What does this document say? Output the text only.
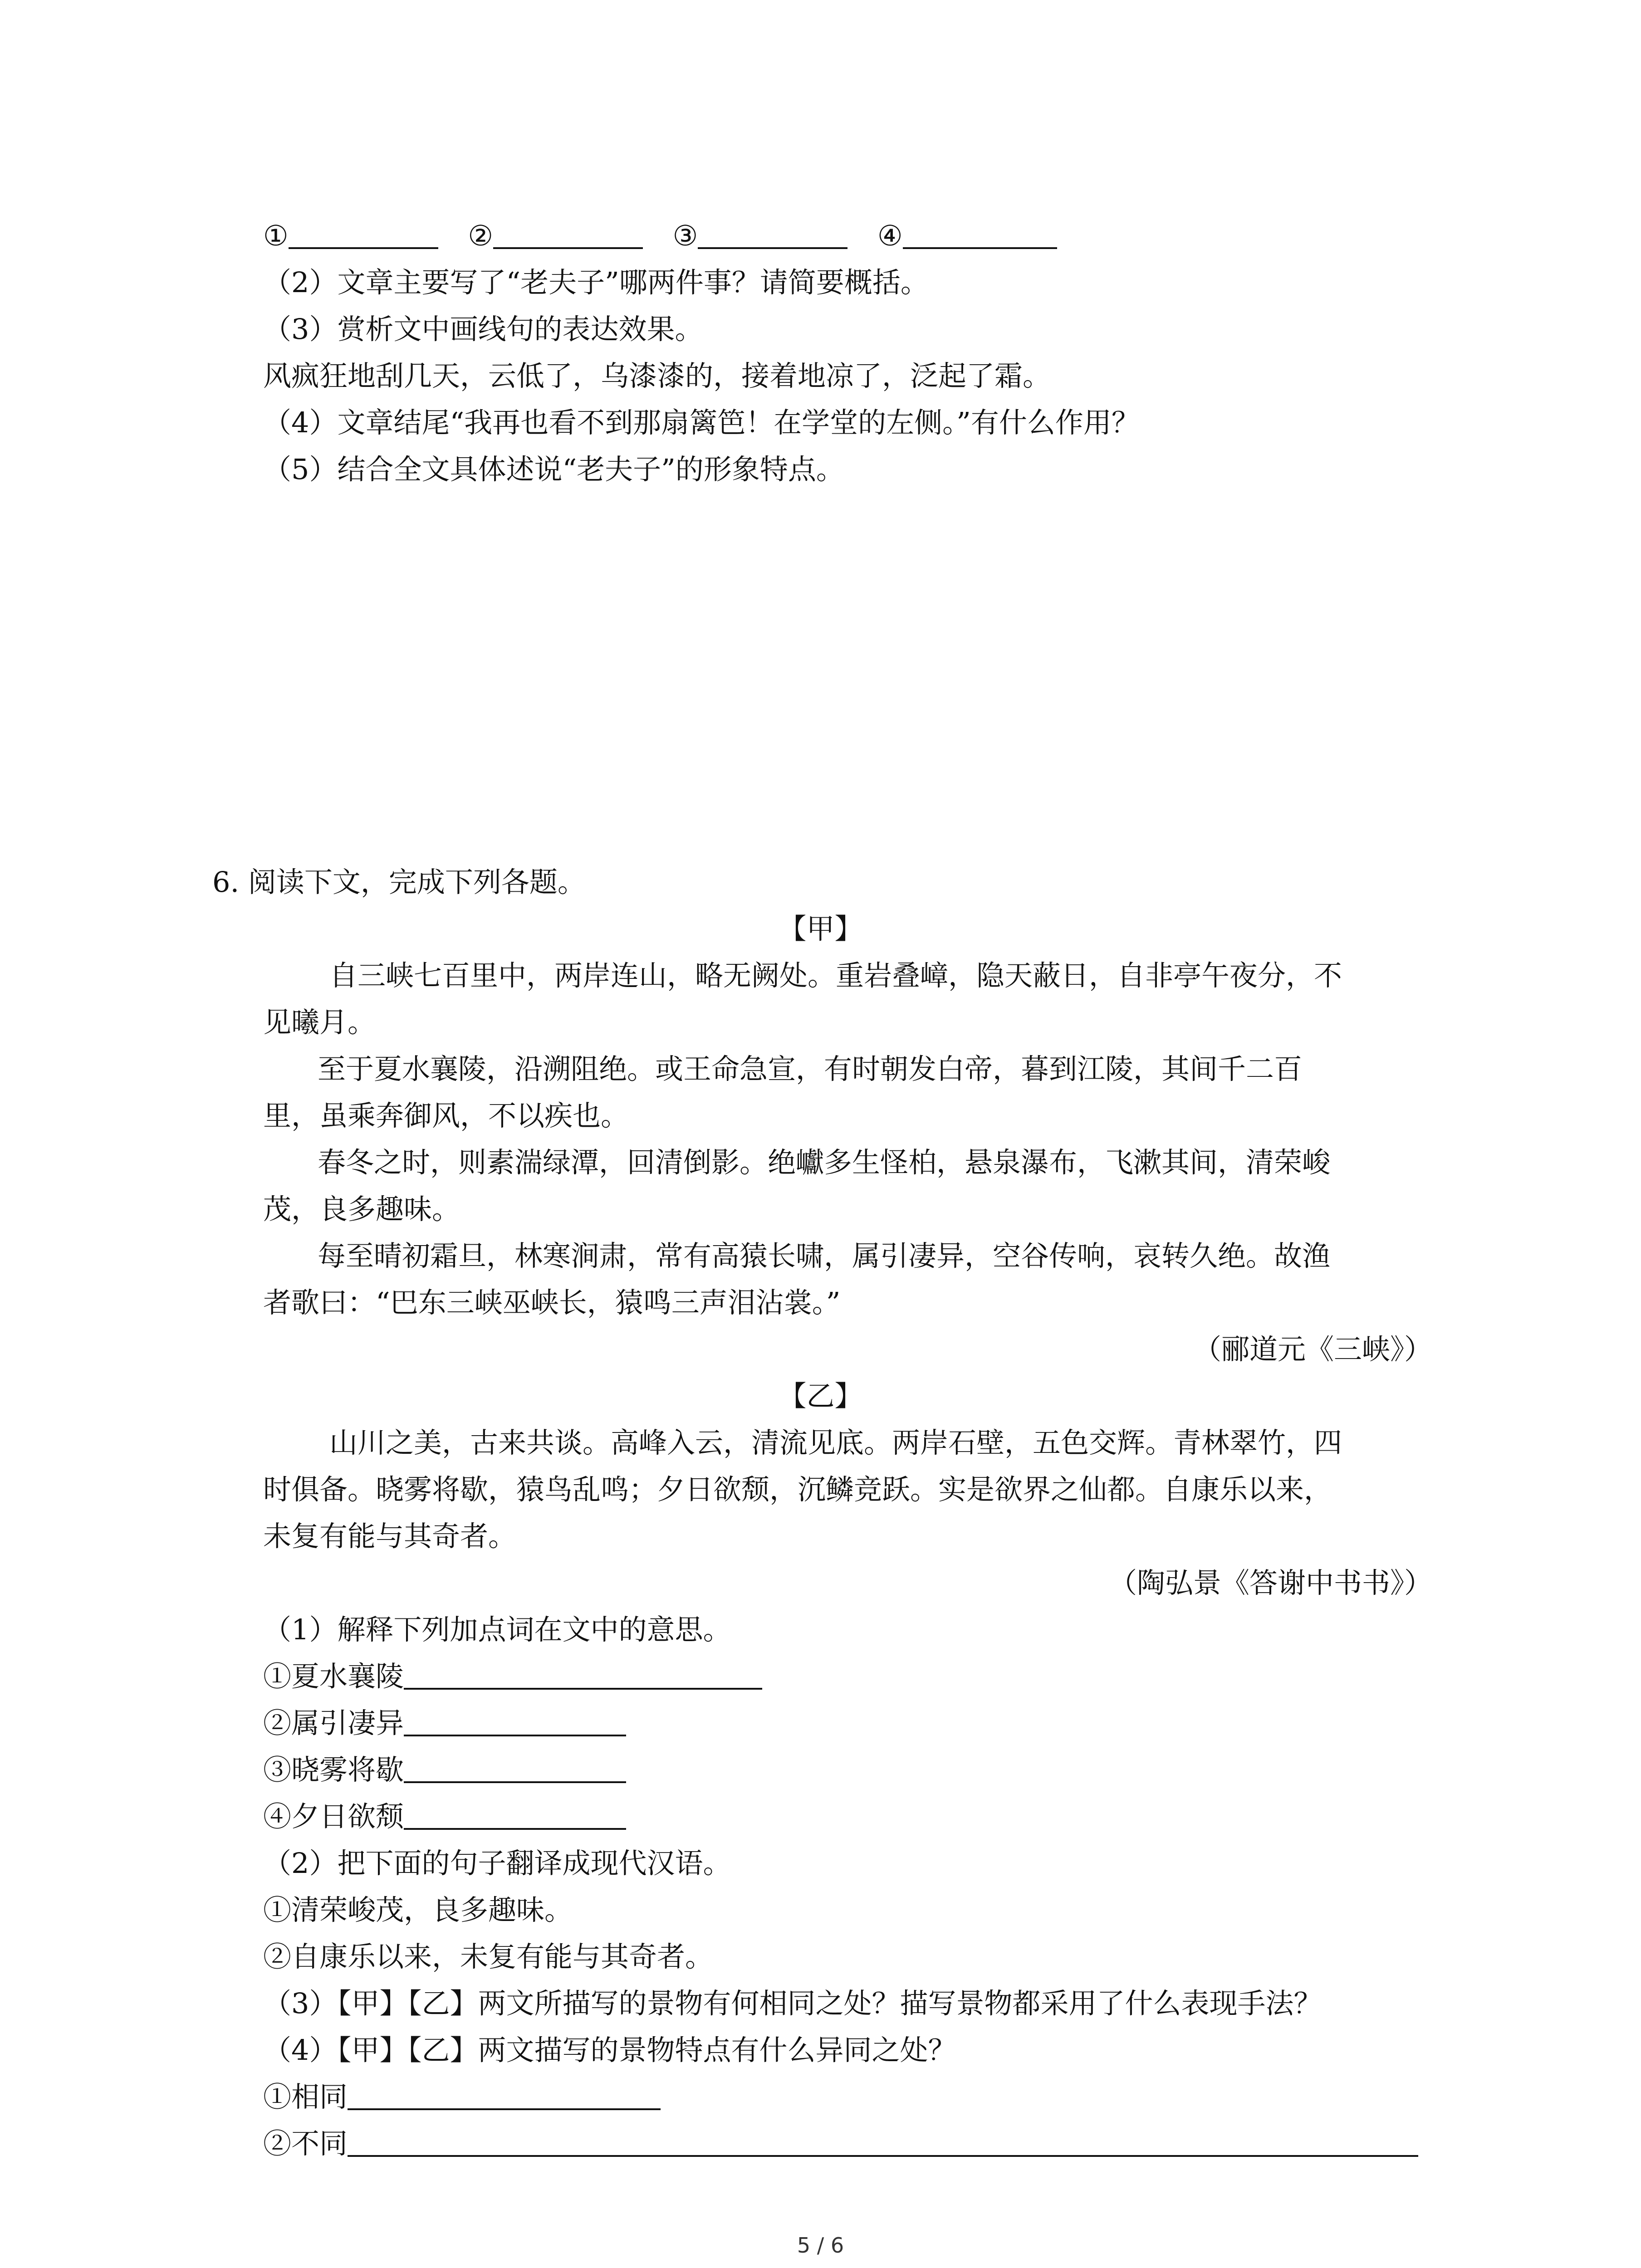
①	②	③	④
（2）文章主要写了“老夫子”哪两件事？请简要概括。
（3）赏析文中画线句的表达效果。
风疯狂地刮几天，云低了，乌漆漆的，接着地凉了，泛起了霜。
（4）文章结尾“我再也看不到那扇篱笆！在学堂的左侧。”有什么作用？
（5）结合全文具体述说“老夫子”的形象特点。
6. 阅读下文，完成下列各题。
【甲】
自三峡七百里中，两岸连山，略无阙处。重岩叠嶂，隐天蔽日，自非亭午夜分，不
见曦月。
至于夏水襄陵，沿溯阻绝。或王命急宣，有时朝发白帝，暮到江陵，其间千二百
里，虽乘奔御风，不以疾也。
春冬之时，则素湍绿潭，回清倒影。绝巘多生怪柏，悬泉瀑布，飞漱其间，清荣峻
茂，良多趣味。
每至晴初霜旦，林寒涧肃，常有高猿长啸，属引凄异，空谷传响，哀转久绝。故渔
者歌曰：“巴东三峡巫峡长，猿鸣三声泪沾裳。”
（郦道元《三峡》）
【乙】
山川之美，古来共谈。高峰入云，清流见底。两岸石壁，五色交辉。青林翠竹，四
时俱备。晓雾将歇，猿鸟乱鸣；夕日欲颓，沉鳞竞跃。实是欲界之仙都。自康乐以来，
未复有能与其奇者。
（陶弘景《答谢中书书》）
（1）解释下列加点词在文中的意思。
①夏水襄陵
②属引凄异
③晓雾将歇
④夕日欲颓
（2）把下面的句子翻译成现代汉语。
①清荣峻茂，良多趣味。
②自康乐以来，未复有能与其奇者。
（3）【甲】【乙】两文所描写的景物有何相同之处？描写景物都采用了什么表现手法？
（4）【甲】【乙】两文描写的景物特点有什么异同之处？
①相同
②不同
5 / 6
